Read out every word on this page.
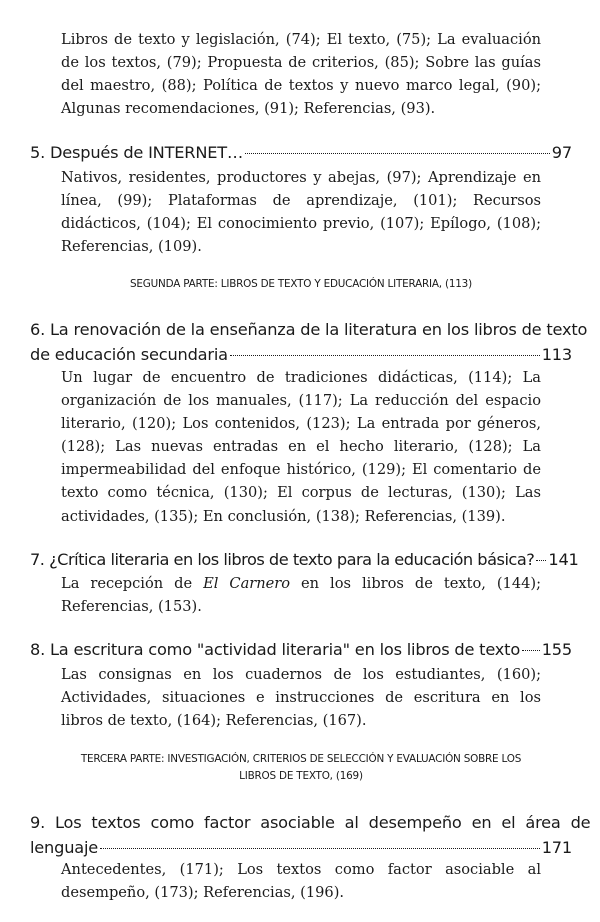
Libros de texto y legislación, (74); El texto, (75); La evaluación de los textos, (79); Propuesta de criterios, (85); Sobre las guías del maestro, (88); Política de textos y nuevo marco legal, (90); Algunas recomendaciones, (91); Referencias, (93).
5. Después de INTERNET…	97
Nativos, residentes, productores y abejas, (97); Aprendizaje en línea, (99); Plataformas de aprendizaje, (101); Recursos didácticos, (104); El conocimiento previo, (107); Epílogo, (108); Referencias, (109).
SEGUNDA PARTE: LIBROS DE TEXTO Y EDUCACIÓN LITERARIA, (113)
6. La renovación de la enseñanza de la literatura en los libros de texto
de educación secundaria	113
Un lugar de encuentro de tradiciones didácticas, (114); La organización de los manuales, (117); La reducción del espacio literario, (120); Los contenidos, (123); La entrada por géneros, (128); Las nuevas entradas en el hecho literario, (128); La impermeabilidad del enfoque histórico, (129); El comentario de texto como técnica, (130); El corpus de lecturas, (130); Las actividades, (135); En conclusión, (138); Referencias, (139).
7. ¿Crítica literaria en los libros de texto para la educación básica? 141
La recepción de El Carnero en los libros de texto, (144); Referencias, (153).
8. La escritura como "actividad literaria" en los libros de texto 155
Las consignas en los cuadernos de los estudiantes, (160); Actividades, situaciones e instrucciones de escritura en los libros de texto, (164); Referencias, (167).
TERCERA PARTE: INVESTIGACIÓN, CRITERIOS DE SELECCIÓN Y EVALUACIÓN SOBRE LOS
LIBROS DE TEXTO, (169)
9. Los textos como factor asociable al desempeño en el área de
lenguaje	171
Antecedentes, (171); Los textos como factor asociable al desempeño, (173); Referencias, (196).
